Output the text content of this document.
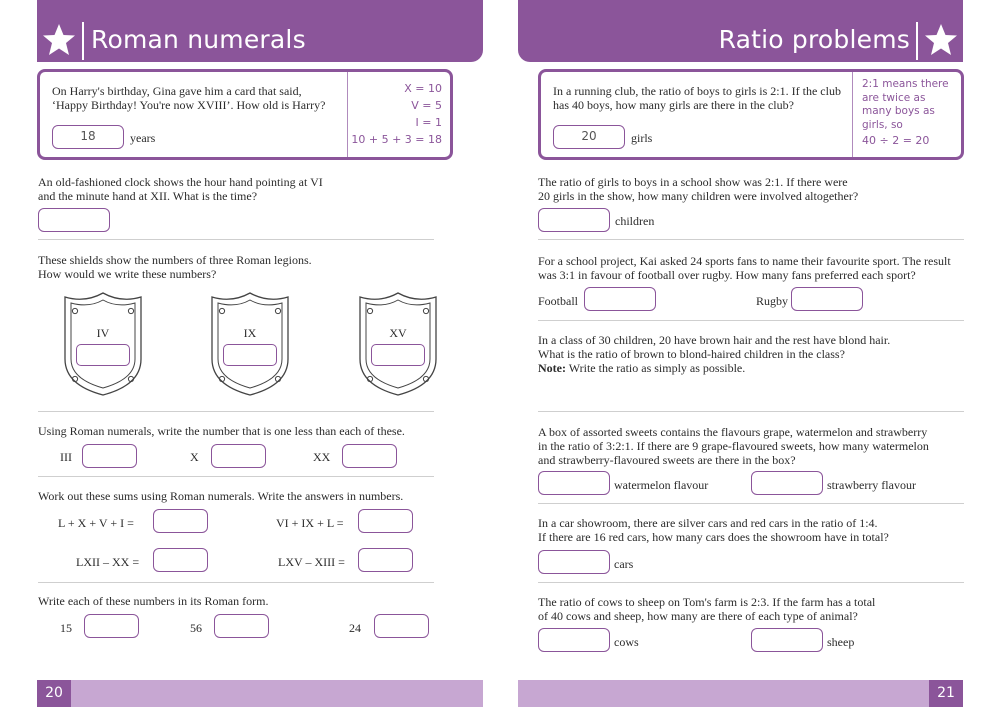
Roman numerals	Ratio problems
On Harry's birthday, Gina gave him a card that said,
‘Happy Birthday! You're now XVIII’. How old is Harry?
18	years
X = 10
V = 5
I = 1
10 + 5 + 3 = 18
An old-fashioned clock shows the hour hand pointing at VI
and the minute hand at XII. What is the time?
These shields show the numbers of three Roman legions.
How would we write these numbers?
IV	IX	XV
Using Roman numerals, write the number that is one less than each of these.
III	X	XX
Work out these sums using Roman numerals. Write the answers in numbers.
L + X + V + I =	VI + IX + L =
LXII – XX =	LXV – XIII =
Write each of these numbers in its Roman form.
15	56	24
In a running club, the ratio of boys to girls is 2:1. If the club
has 40 boys, how many girls are there in the club?
20	girls
2:1 means there
are twice as
many boys as
girls, so
40 ÷ 2 = 20
The ratio of girls to boys in a school show was 2:1. If there were
20 girls in the show, how many children were involved altogether?
children
For a school project, Kai asked 24 sports fans to name their favourite sport. The result
was 3:1 in favour of football over rugby. How many fans preferred each sport?
Football	Rugby
In a class of 30 children, 20 have brown hair and the rest have blond hair.
What is the ratio of brown to blond-haired children in the class?
Note: Write the ratio as simply as possible.
A box of assorted sweets contains the flavours grape, watermelon and strawberry
in the ratio of 3:2:1. If there are 9 grape-flavoured sweets, how many watermelon
and strawberry-flavoured sweets are there in the box?
watermelon flavour	strawberry flavour
In a car showroom, there are silver cars and red cars in the ratio of 1:4.
If there are 16 red cars, how many cars does the showroom have in total?
cars
The ratio of cows to sheep on Tom's farm is 2:3. If the farm has a total
of 40 cows and sheep, how many are there of each type of animal?
cows	sheep
20	21
